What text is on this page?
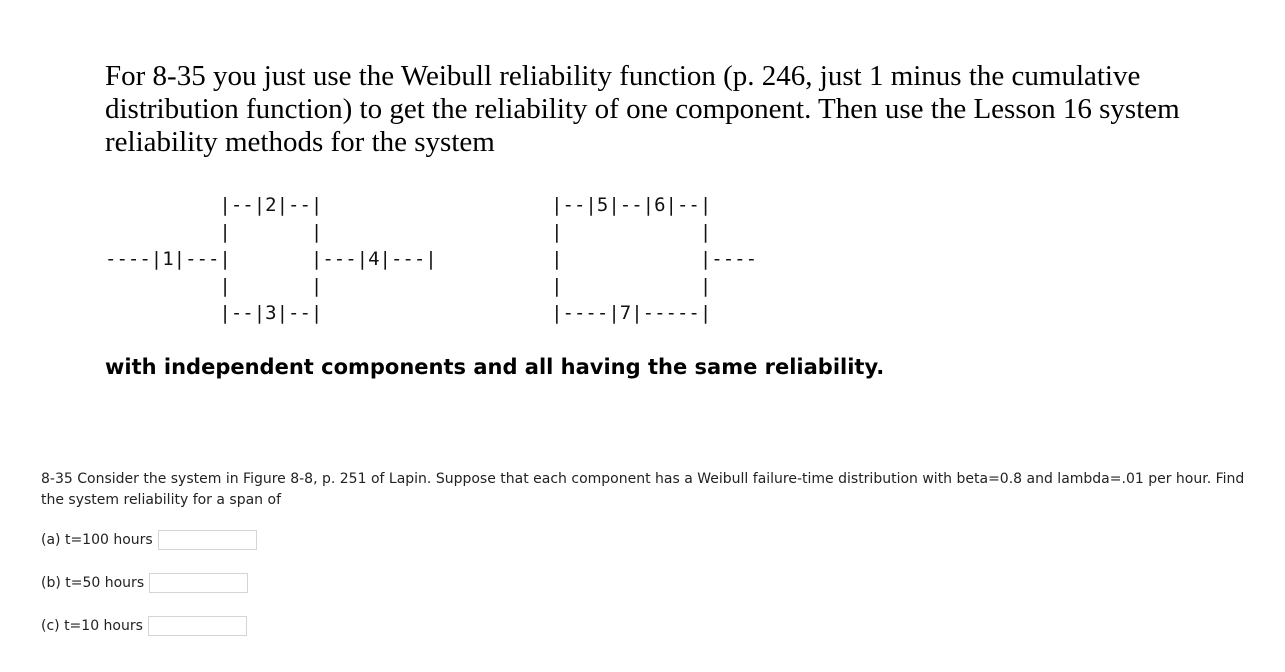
For 8-35 you just use the Weibull reliability function (p. 246, just 1 minus the cumulative distribution function) to get the reliability of one component. Then use the Lesson 16 system reliability methods for the system

|--|2|--|                    |--|5|--|6|--|
|       |                    |            |
----|1|---|       |---|4|---|          |            |----
|       |                    |            |
|--|3|--|                    |----|7|-----|

with independent components and all having the same reliability.

8-35 Consider the system in Figure 8-8, p. 251 of Lapin. Suppose that each component has a Weibull failure-time distribution with beta=0.8 and lambda=.01 per hour. Find the system reliability for a span of

(a) t=100 hours
(b) t=50 hours
(c) t=10 hours
